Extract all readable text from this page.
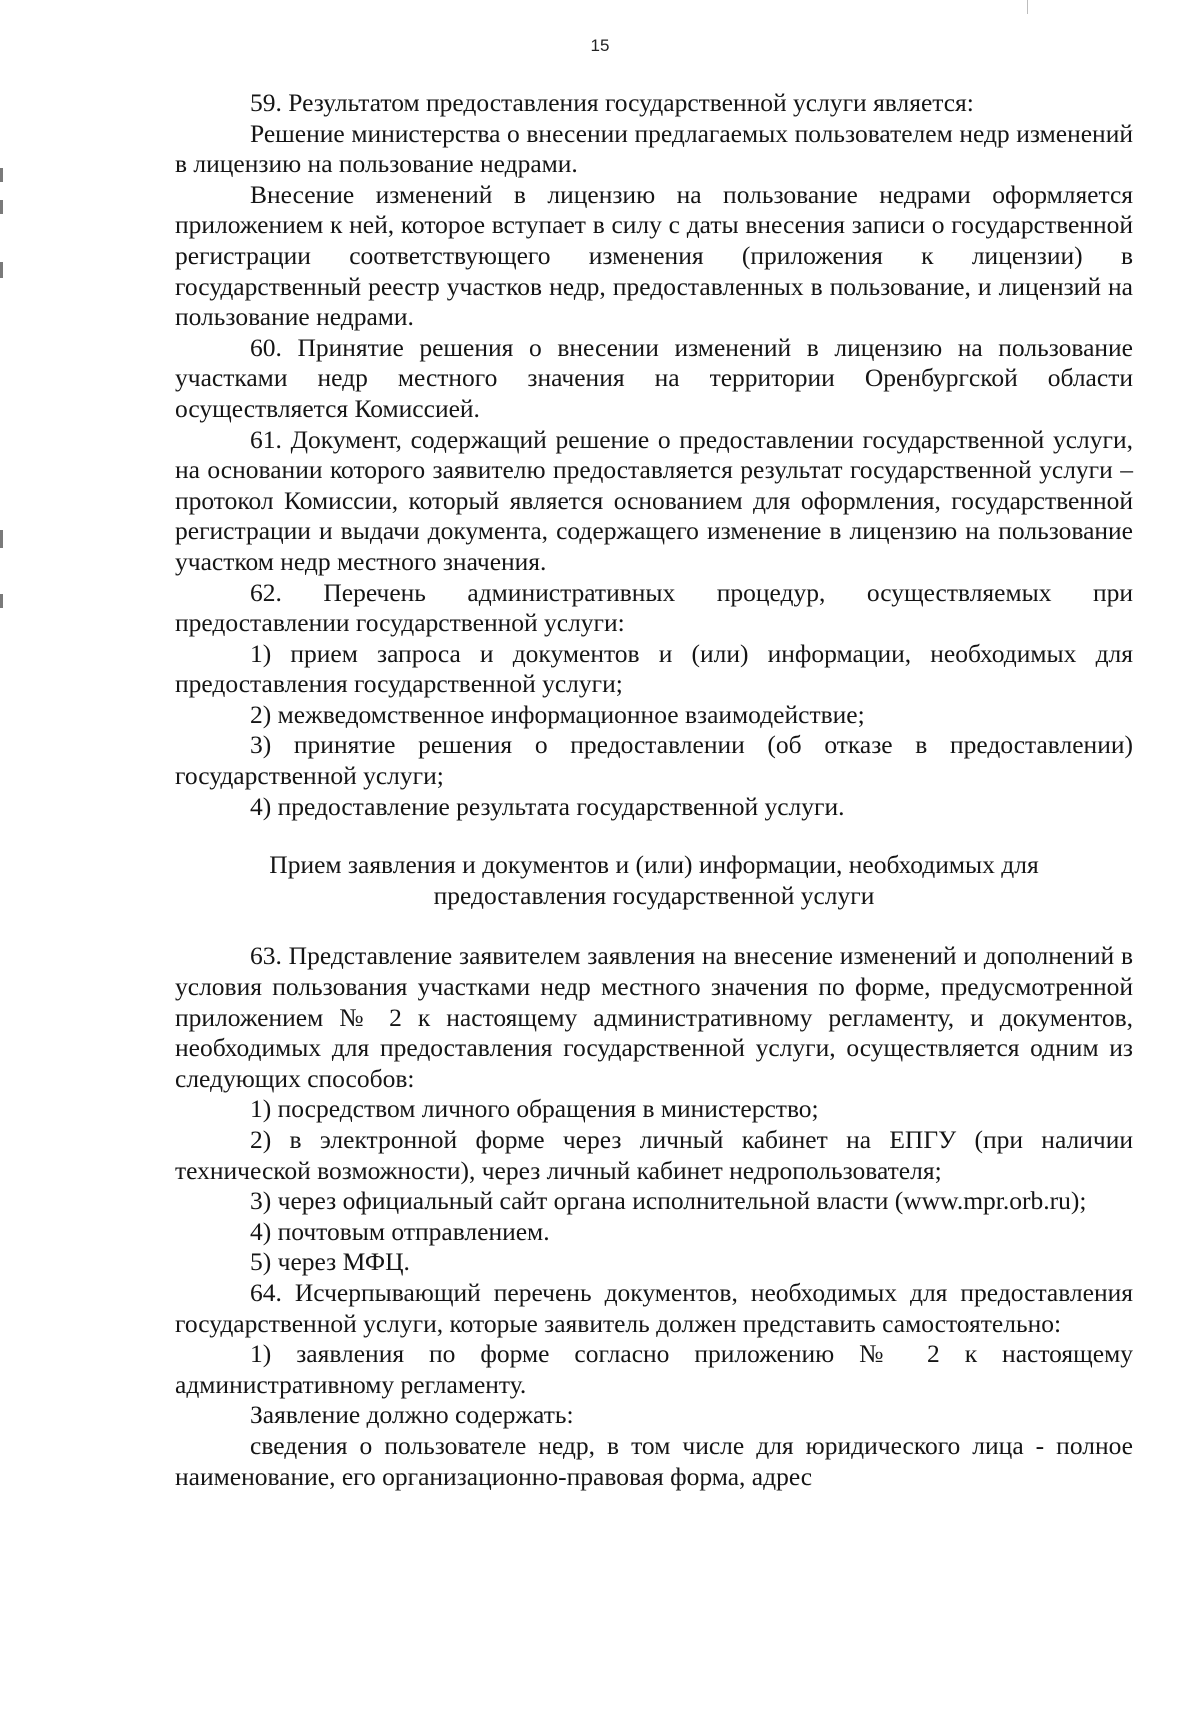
15

59. Результатом предоставления государственной услуги является:

Решение министерства о внесении предлагаемых пользователем недр изменений в лицензию на пользование недрами.

Внесение изменений в лицензию на пользование недрами оформляется приложением к ней, которое вступает в силу с даты внесения записи о государственной регистрации соответствующего изменения (приложения к лицензии) в государственный реестр участков недр, предоставленных в пользование, и лицензий на пользование недрами.

60. Принятие решения о внесении изменений в лицензию на пользование участками недр местного значения на территории Оренбургской области осуществляется Комиссией.

61. Документ, содержащий решение о предоставлении государственной услуги, на основании которого заявителю предоставляется результат государственной услуги – протокол Комиссии, который является основанием для оформления, государственной регистрации и выдачи документа, содержащего изменение в лицензию на пользование участком недр местного значения.

62. Перечень административных процедур, осуществляемых при предоставлении государственной услуги:

1) прием запроса и документов и (или) информации, необходимых для предоставления государственной услуги;

2) межведомственное информационное взаимодействие;

3) принятие решения о предоставлении (об отказе в предоставлении) государственной услуги;

4) предоставление результата государственной услуги.

Прием заявления и документов и (или) информации, необходимых для предоставления государственной услуги

63. Представление заявителем заявления на внесение изменений и дополнений в условия пользования участками недр местного значения по форме, предусмотренной приложением № 2 к настоящему административному регламенту, и документов, необходимых для предоставления государственной услуги, осуществляется одним из следующих способов:

1) посредством личного обращения в министерство;

2) в электронной форме через личный кабинет на ЕПГУ (при наличии технической возможности), через личный кабинет недропользователя;

3) через официальный сайт органа исполнительной власти (www.mpr.orb.ru);

4) почтовым отправлением.

5) через МФЦ.

64. Исчерпывающий перечень документов, необходимых для предоставления государственной услуги, которые заявитель должен представить самостоятельно:

1) заявления по форме согласно приложению № 2 к настоящему административному регламенту.

Заявление должно содержать:

сведения о пользователе недр, в том числе для юридического лица - полное наименование, его организационно-правовая форма, адрес
